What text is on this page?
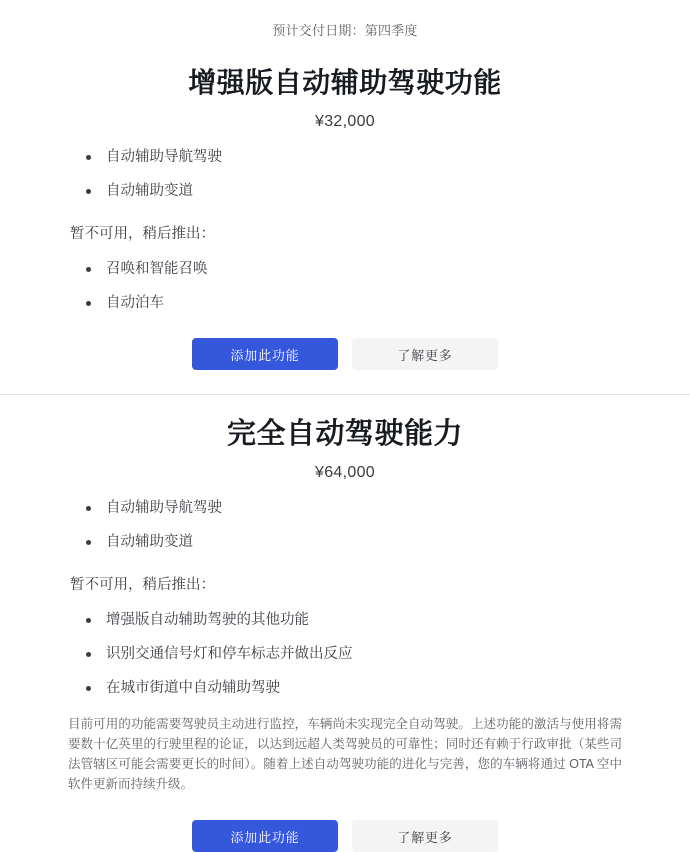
预计交付日期：第四季度
增强版自动辅助驾驶功能
¥32,000
自动辅助导航驾驶
自动辅助变道
暂不可用，稍后推出：
召唤和智能召唤
自动泊车
添加此功能	了解更多
完全自动驾驶能力
¥64,000
自动辅助导航驾驶
自动辅助变道
暂不可用，稍后推出：
增强版自动辅助驾驶的其他功能
识别交通信号灯和停车标志并做出反应
在城市街道中自动辅助驾驶
目前可用的功能需要驾驶员主动进行监控，车辆尚未实现完全自动驾驶。上述功能的激活与使用将需要数十亿英里的行驶里程的论证，以达到远超人类驾驶员的可靠性；同时还有赖于行政审批（某些司法管辖区可能会需要更长的时间）。随着上述自动驾驶功能的进化与完善，您的车辆将通过 OTA 空中软件更新而持续升级。
添加此功能	了解更多
